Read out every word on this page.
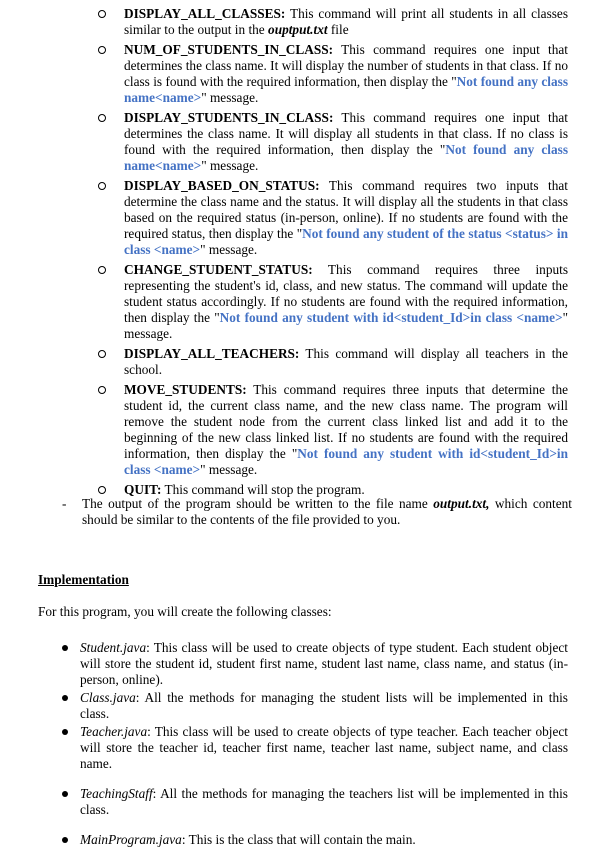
DISPLAY_ALL_CLASSES: This command will print all students in all classes similar to the output in the ouptput.txt file
NUM_OF_STUDENTS_IN_CLASS: This command requires one input that determines the class name. It will display the number of students in that class. If no class is found with the required information, then display the "Not found any class name<name>" message.
DISPLAY_STUDENTS_IN_CLASS: This command requires one input that determines the class name. It will display all students in that class. If no class is found with the required information, then display the "Not found any class name<name>" message.
DISPLAY_BASED_ON_STATUS: This command requires two inputs that determine the class name and the status. It will display all the students in that class based on the required status (in-person, online). If no students are found with the required status, then display the "Not found any student of the status <status> in class <name>" message.
CHANGE_STUDENT_STATUS: This command requires three inputs representing the student's id, class, and new status. The command will update the student status accordingly. If no students are found with the required information, then display the "Not found any student with id<student_Id>in class <name>" message.
DISPLAY_ALL_TEACHERS: This command will display all teachers in the school.
MOVE_STUDENTS: This command requires three inputs that determine the student id, the current class name, and the new class name. The program will remove the student node from the current class linked list and add it to the beginning of the new class linked list. If no students are found with the required information, then display the "Not found any student with id<student_Id>in class <name>" message.
QUIT: This command will stop the program.
- The output of the program should be written to the file name output.txt, which content should be similar to the contents of the file provided to you.
Implementation
For this program, you will create the following classes:
Student.java: This class will be used to create objects of type student. Each student object will store the student id, student first name, student last name, class name, and status (in-person, online).
Class.java: All the methods for managing the student lists will be implemented in this class.
Teacher.java: This class will be used to create objects of type teacher. Each teacher object will store the teacher id, teacher first name, teacher last name, subject name, and class name.
TeachingStaff: All the methods for managing the teachers list will be implemented in this class.
MainProgram.java: This is the class that will contain the main.
